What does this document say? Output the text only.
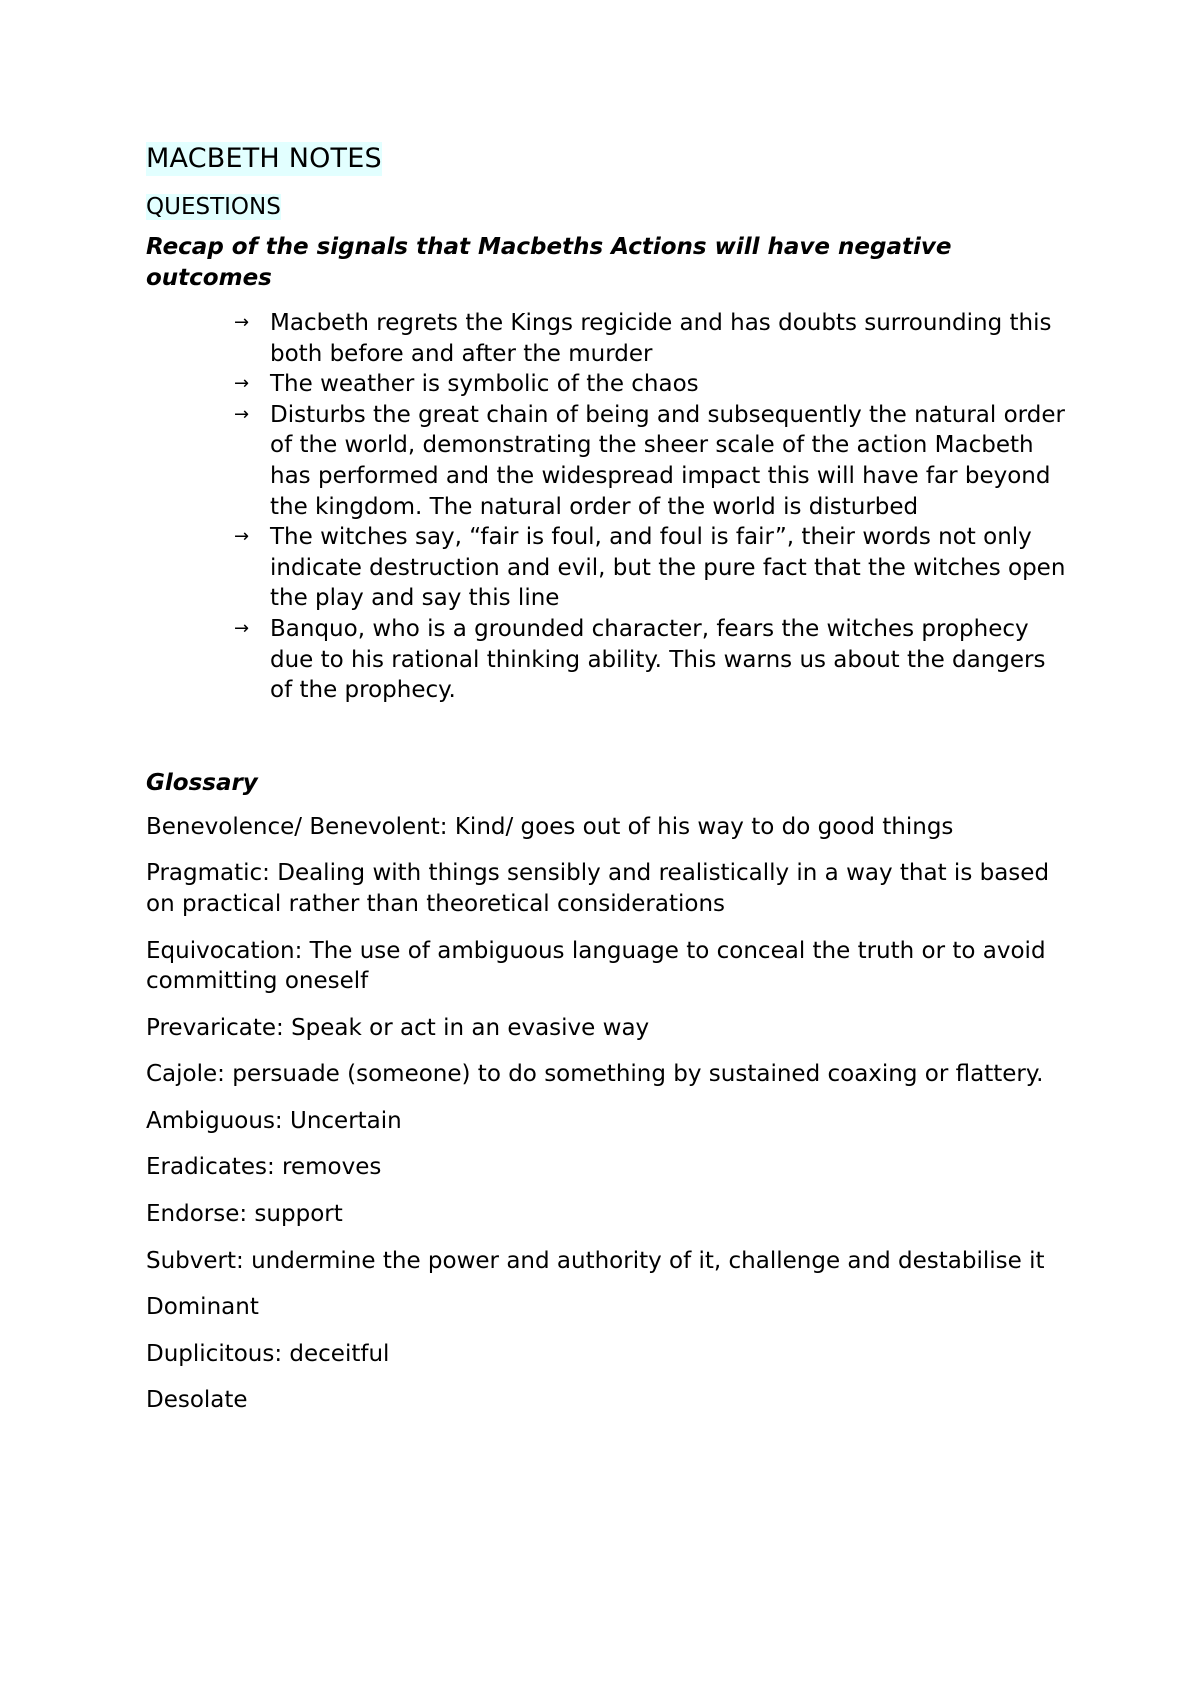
MACBETH NOTES
QUESTIONS
Recap of the signals that Macbeths Actions will have negative outcomes
→ Macbeth regrets the Kings regicide and has doubts surrounding this both before and after the murder
→ The weather is symbolic of the chaos
→ Disturbs the great chain of being and subsequently the natural order of the world, demonstrating the sheer scale of the action Macbeth has performed and the widespread impact this will have far beyond the kingdom. The natural order of the world is disturbed
→ The witches say, “fair is foul, and foul is fair”, their words not only indicate destruction and evil, but the pure fact that the witches open the play and say this line
→ Banquo, who is a grounded character, fears the witches prophecy due to his rational thinking ability. This warns us about the dangers of the prophecy.
Glossary
Benevolence/ Benevolent: Kind/ goes out of his way to do good things
Pragmatic: Dealing with things sensibly and realistically in a way that is based on practical rather than theoretical considerations
Equivocation: The use of ambiguous language to conceal the truth or to avoid committing oneself
Prevaricate: Speak or act in an evasive way
Cajole: persuade (someone) to do something by sustained coaxing or flattery.
Ambiguous: Uncertain
Eradicates: removes
Endorse: support
Subvert: undermine the power and authority of it, challenge and destabilise it
Dominant
Duplicitous: deceitful
Desolate
